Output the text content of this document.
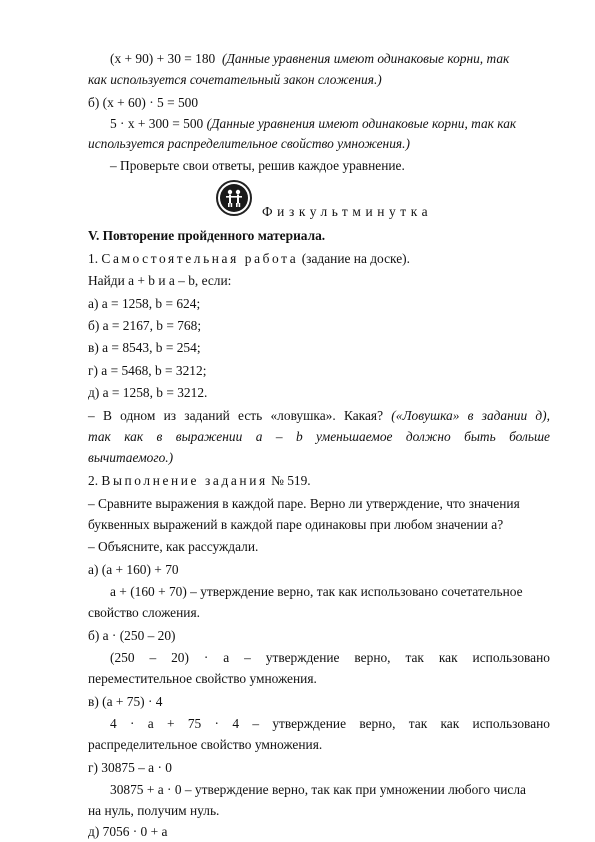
(x + 90) + 30 = 180 (Данные уравнения имеют одинаковые корни, так
как используется сочетательный закон сложения.)
б) (x + 60) · 5 = 500
5 · x + 300 = 500 (Данные уравнения имеют одинаковые корни, так как
используется распределительное свойство умножения.)
– Проверьте свои ответы, решив каждое уравнение.
Физкультминутка
V. Повторение пройденного материала.
1. Самостоятельная работа (задание на доске).
Найди a + b и a – b, если:
а) a = 1258, b = 624;
б) a = 2167, b = 768;
в) a = 8543, b = 254;
г) a = 5468, b = 3212;
д) a = 1258, b = 3212.
– В одном из заданий есть «ловушка». Какая? («Ловушка» в задании д),
так как в выражении a – b уменьшаемое должно быть больше
вычитаемого.)
2. Выполнение задания № 519.
– Сравните выражения в каждой паре. Верно ли утверждение, что значения
буквенных выражений в каждой паре одинаковы при любом значении a?
– Объясните, как рассуждали.
а) (a + 160) + 70
a + (160 + 70) – утверждение верно, так как использовано сочетательное
свойство сложения.
б) a · (250 – 20)
(250 – 20) · a – утверждение верно, так как использовано
переместительное свойство умножения.
в) (a + 75) · 4
4 · a + 75 · 4 – утверждение верно, так как использовано
распределительное свойство умножения.
г) 30875 – a · 0
30875 + a · 0 – утверждение верно, так как при умножении любого числа
на нуль, получим нуль.
д) 7056 · 0 + a
